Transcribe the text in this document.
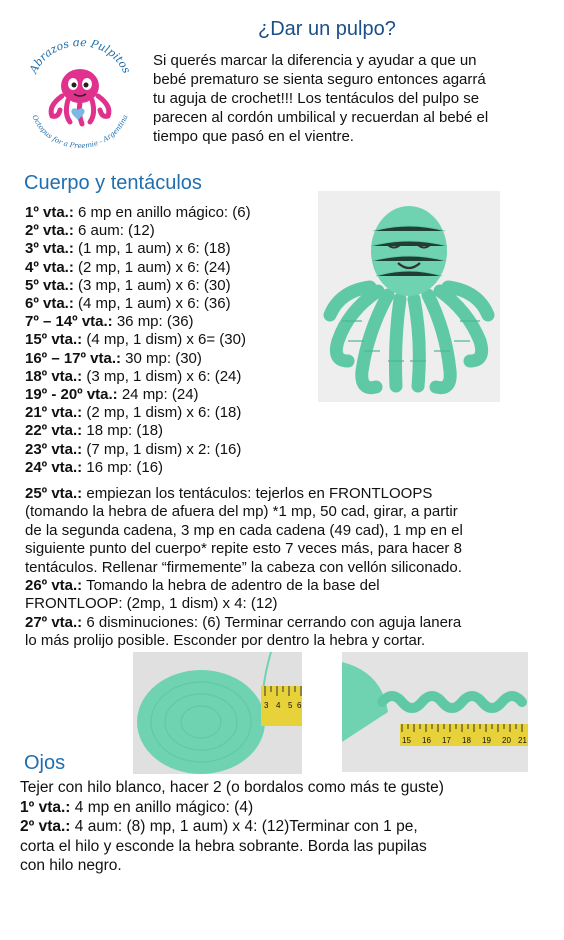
Abrazos de Pulpitos
Octopus for a Preemie - Argentina
¿Dar un pulpo?
Si querés marcar la diferencia y ayudar a que un
bebé prematuro se sienta seguro entonces agarrá
tu aguja de crochet!!! Los tentáculos del pulpo se
parecen al cordón umbilical y recuerdan al bebé el
tiempo que pasó en el vientre.
Cuerpo y tentáculos
1º vta.: 6 mp en anillo mágico: (6)
2º vta.: 6 aum: (12)
3º vta.: (1 mp, 1 aum) x 6: (18)
4º vta.: (2 mp, 1 aum) x 6: (24)
5º vta.: (3 mp, 1 aum) x 6: (30)
6º vta.: (4 mp, 1 aum) x 6: (36)
7º – 14º vta.: 36 mp: (36)
15º vta.: (4 mp, 1 dism) x 6= (30)
16º – 17º vta.: 30 mp: (30)
18º vta.: (3 mp, 1 dism) x 6: (24)
19º - 20º vta.: 24 mp: (24)
21º vta.: (2 mp, 1 dism) x 6: (18)
22º vta.: 18 mp: (18)
23º vta.: (7 mp, 1 dism) x 2: (16)
24º vta.: 16 mp: (16)
25º vta.: empiezan los tentáculos: tejerlos en FRONTLOOPS
(tomando la hebra de afuera del mp) *1 mp, 50 cad, girar, a partir
de la segunda cadena, 3 mp en cada cadena (49 cad), 1 mp en el
siguiente punto del cuerpo* repite esto 7 veces más, para hacer 8
tentáculos. Rellenar “firmemente” la cabeza con vellón siliconado.
26º vta.: Tomando la hebra de adentro de la base del
FRONTLOOP: (2mp, 1 dism) x 4: (12)
27º vta.: 6 disminuciones: (6) Terminar cerrando con aguja lanera
lo más prolijo posible. Esconder por dentro la hebra y cortar.
3 4 5 6
15 16 17 18 19 20 21
Ojos
Tejer con hilo blanco, hacer 2 (o bordalos como más te guste)
1º vta.: 4 mp en anillo mágico: (4)
2º vta.: 4 aum: (8) mp, 1 aum) x 4: (12)Terminar con 1 pe,
corta el hilo y esconde la hebra sobrante. Borda las pupilas
con hilo negro.
